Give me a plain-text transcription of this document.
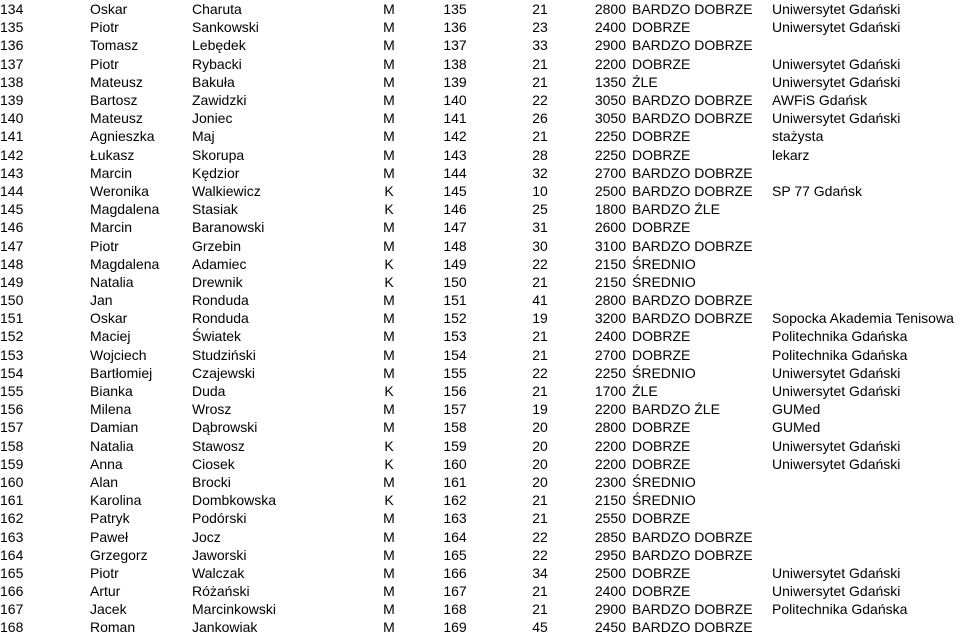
134	Oskar	Charuta	M	135	21	2800	BARDZO DOBRZE	Uniwersytet Gdański
135	Piotr	Sankowski	M	136	23	2400	DOBRZE	Uniwersytet Gdański
136	Tomasz	Lebędek	M	137	33	2900	BARDZO DOBRZE	
137	Piotr	Rybacki	M	138	21	2200	DOBRZE	Uniwersytet Gdański
138	Mateusz	Bakuła	M	139	21	1350	ŹLE	Uniwersytet Gdański
139	Bartosz	Zawidzki	M	140	22	3050	BARDZO DOBRZE	AWFiS Gdańsk
140	Mateusz	Joniec	M	141	26	3050	BARDZO DOBRZE	Uniwersytet Gdański
141	Agnieszka	Maj	M	142	21	2250	DOBRZE	stażysta
142	Łukasz	Skorupa	M	143	28	2250	DOBRZE	lekarz
143	Marcin	Kędzior	M	144	32	2700	BARDZO DOBRZE	
144	Weronika	Walkiewicz	K	145	10	2500	BARDZO DOBRZE	SP 77 Gdańsk
145	Magdalena	Stasiak	K	146	25	1800	BARDZO ŹLE	
146	Marcin	Baranowski	M	147	31	2600	DOBRZE	
147	Piotr	Grzebin	M	148	30	3100	BARDZO DOBRZE	
148	Magdalena	Adamiec	K	149	22	2150	ŚREDNIO	
149	Natalia	Drewnik	K	150	21	2150	ŚREDNIO	
150	Jan	Ronduda	M	151	41	2800	BARDZO DOBRZE	
151	Oskar	Ronduda	M	152	19	3200	BARDZO DOBRZE	Sopocka Akademia Tenisowa
152	Maciej	Światek	M	153	21	2400	DOBRZE	Politechnika Gdańska
153	Wojciech	Studziński	M	154	21	2700	DOBRZE	Politechnika Gdańska
154	Bartłomiej	Czajewski	M	155	22	2250	ŚREDNIO	Uniwersytet Gdański
155	Bianka	Duda	K	156	21	1700	ŹLE	Uniwersytet Gdański
156	Milena	Wrosz	M	157	19	2200	BARDZO ŹLE	GUMed
157	Damian	Dąbrowski	M	158	20	2800	DOBRZE	GUMed
158	Natalia	Stawosz	K	159	20	2200	DOBRZE	Uniwersytet Gdański
159	Anna	Ciosek	K	160	20	2200	DOBRZE	Uniwersytet Gdański
160	Alan	Brocki	M	161	20	2300	ŚREDNIO	
161	Karolina	Dombkowska	K	162	21	2150	ŚREDNIO	
162	Patryk	Podórski	M	163	21	2550	DOBRZE	
163	Paweł	Jocz	M	164	22	2850	BARDZO DOBRZE	
164	Grzegorz	Jaworski	M	165	22	2950	BARDZO DOBRZE	
165	Piotr	Walczak	M	166	34	2500	DOBRZE	Uniwersytet Gdański
166	Artur	Różański	M	167	21	2400	DOBRZE	Uniwersytet Gdański
167	Jacek	Marcinkowski	M	168	21	2900	BARDZO DOBRZE	Politechnika Gdańska
168	Roman	Jankowiak	M	169	45	2450	BARDZO DOBRZE	
